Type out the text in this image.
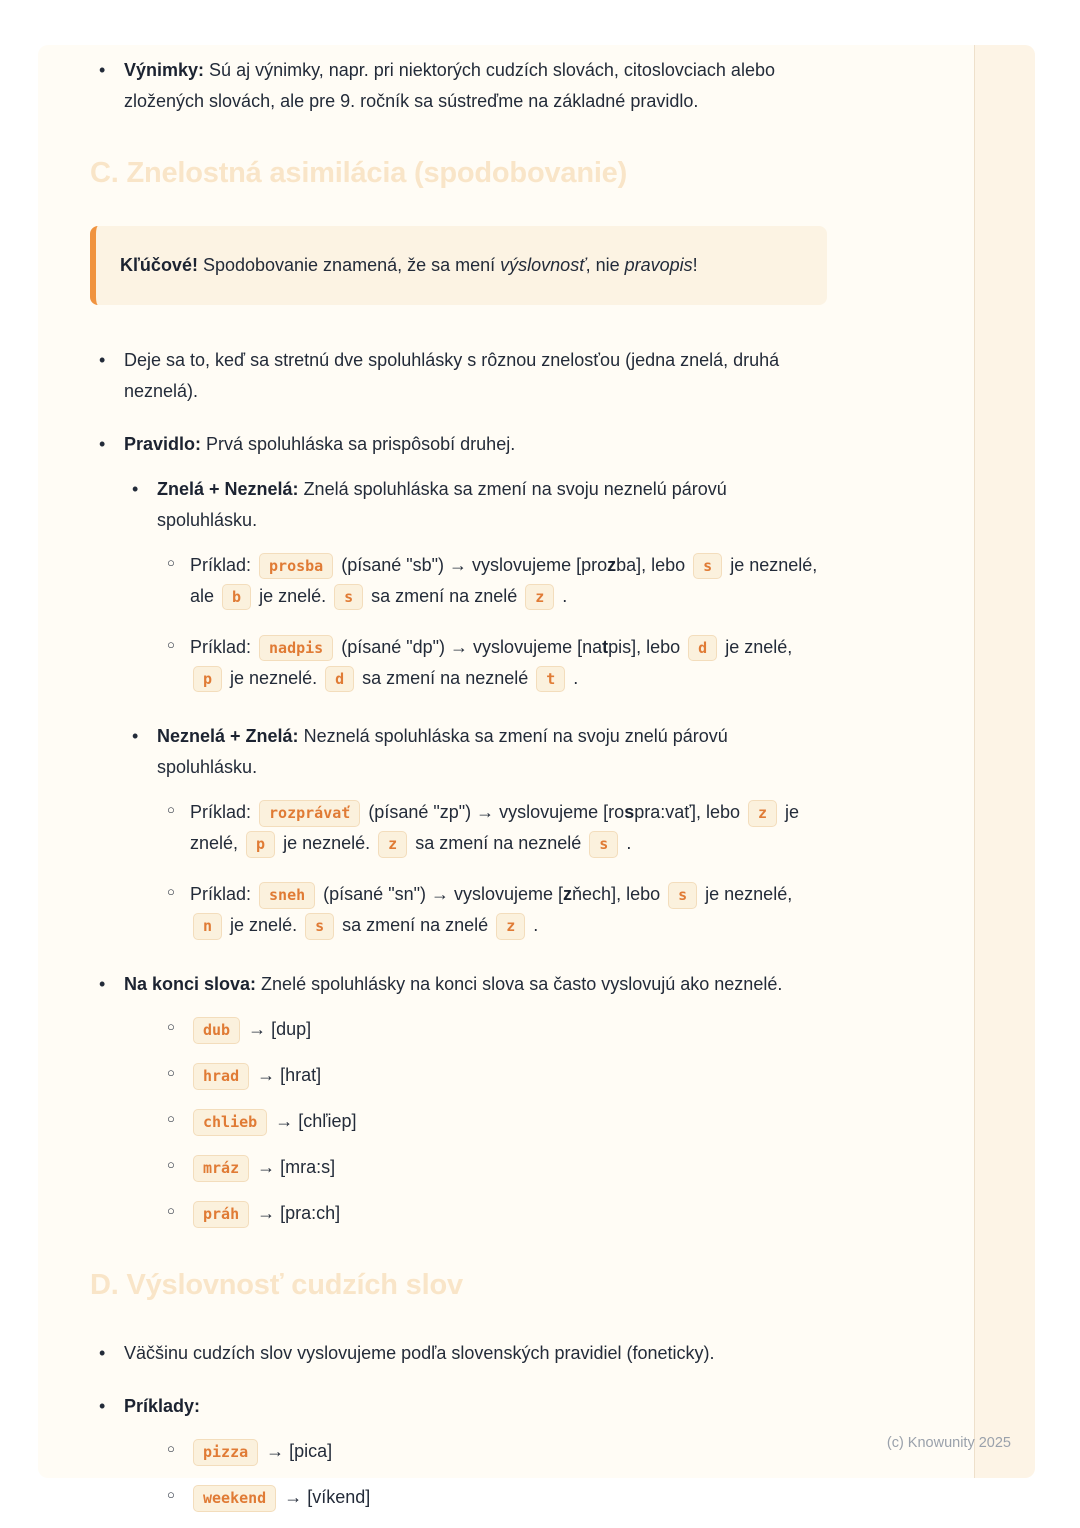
• Výnimky: Sú aj výnimky, napr. pri niektorých cudzích slovách, citoslovciach alebo zložených slovách, ale pre 9. ročník sa sústreďme na základné pravidlo.
C. Znelostná asimilácia (spodobovanie)
Kľúčové! Spodobovanie znamená, že sa mení výslovnosť, nie pravopis!
• Deje sa to, keď sa stretnú dve spoluhlásky s rôznou znelosťou (jedna znelá, druhá neznelá).
• Pravidlo: Prvá spoluhláska sa prispôsobí druhej.
• Znelá + Neznelá: Znelá spoluhláska sa zmení na svoju neznelú párovú spoluhlásku.
○ Príklad: prosba (písané "sb") → vyslovujeme [prozba], lebo s je neznelé, ale b je znelé. s sa zmení na znelé z .
○ Príklad: nadpis (písané "dp") → vyslovujeme [natpis], lebo d je znelé, p je neznelé. d sa zmení na neznelé t .
• Neznelá + Znelá: Neznelá spoluhláska sa zmení na svoju znelú párovú spoluhlásku.
○ Príklad: rozprávať (písané "zp") → vyslovujeme [rospra:vať], lebo z je znelé, p je neznelé. z sa zmení na neznelé s .
○ Príklad: sneh (písané "sn") → vyslovujeme [zňech], lebo s je neznelé, n je znelé. s sa zmení na znelé z .
• Na konci slova: Znelé spoluhlásky na konci slova sa často vyslovujú ako neznelé.
○ dub → [dup]
○ hrad → [hrat]
○ chlieb → [chľiep]
○ mráz → [mra:s]
○ práh → [pra:ch]
D. Výslovnosť cudzích slov
• Väčšinu cudzích slov vyslovujeme podľa slovenských pravidiel (foneticky).
• Príklady:
○ pizza → [pica]
○ weekend → [víkend]
(c) Knowunity 2025
